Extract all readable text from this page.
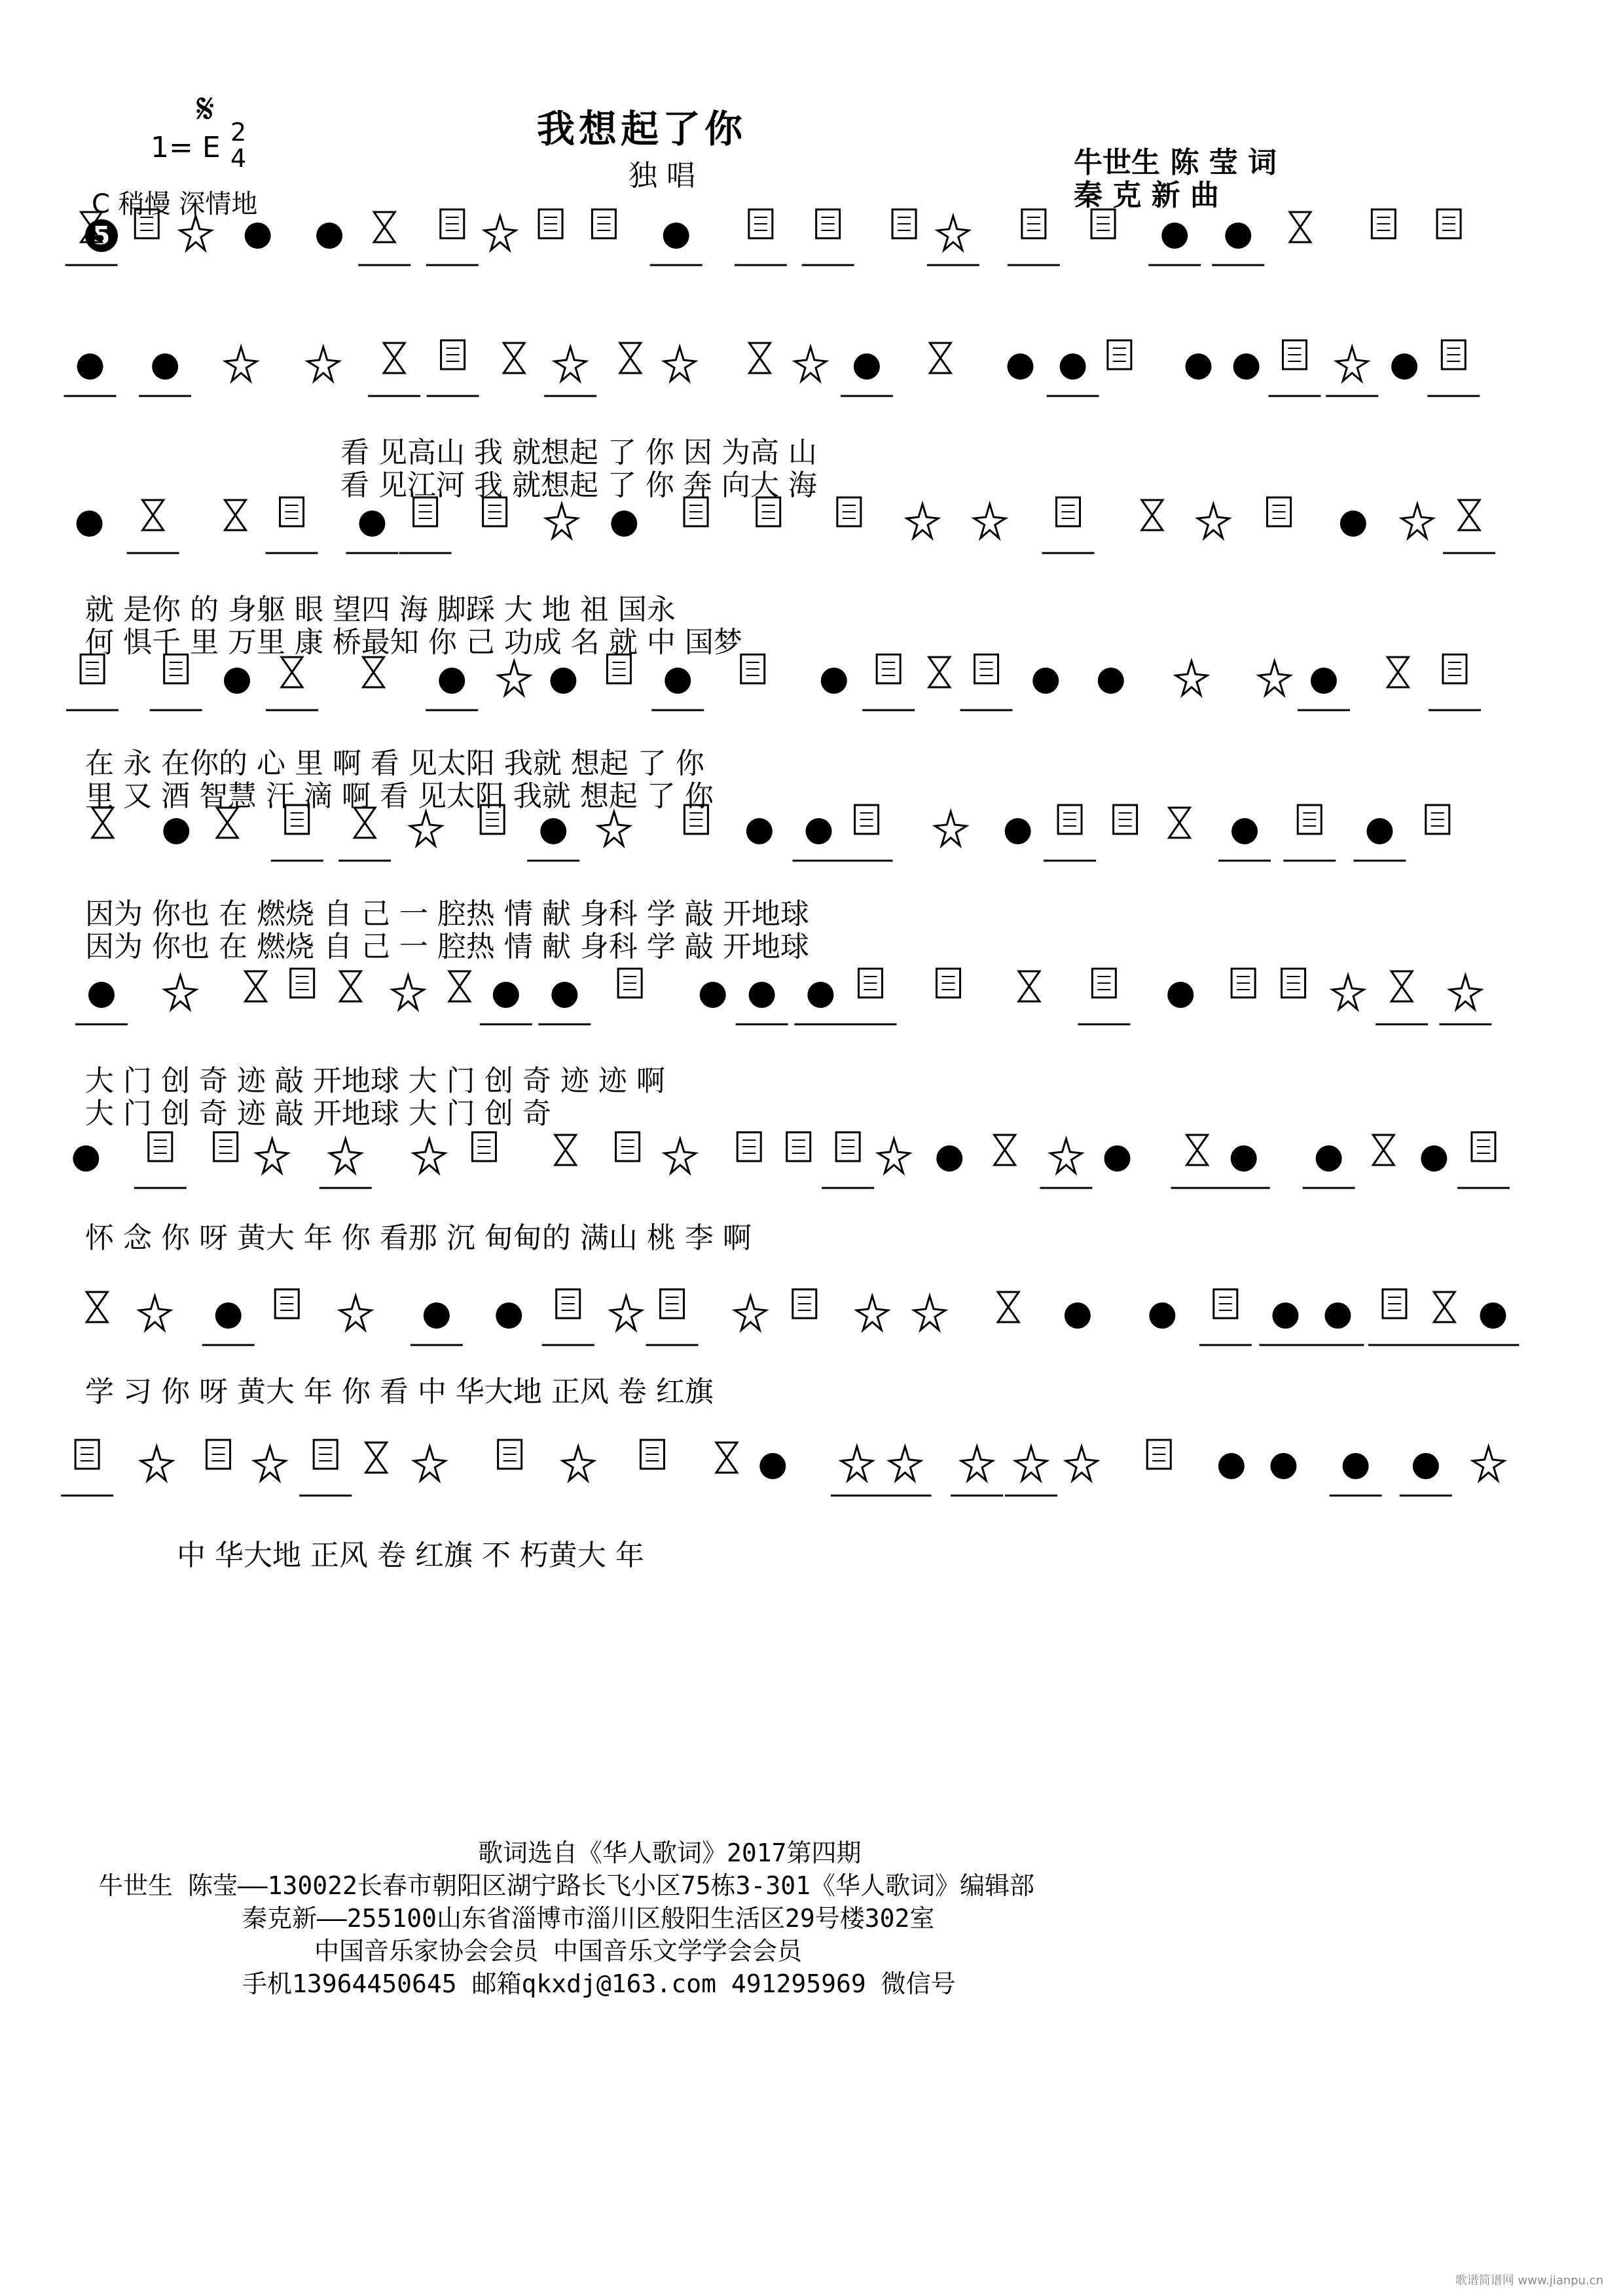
𝄋	我想起了你
1= E 2
4
独 唱	牛世生 陈 莹 词
秦 克 新 曲
C 稍慢 深情地
5
看 见高山 我 就想起 了 你 因 为高 山
看 见江河 我 就想起 了 你 奔 向大 海
就 是你 的 身躯 眼 望四 海 脚踩 大 地 祖 国永
何 惧千 里 万里 康 桥最知 你 己 功成 名 就 中 国梦
在 永 在你的 心 里 啊 看 见太阳 我就 想起 了 你
里 又 酒 智慧 汗 滴 啊 看 见太阳 我就 想起 了 你
因为 你也 在 燃烧 自 己 一 腔热 情 献 身科 学 敲 开地球
因为 你也 在 燃烧 自 己 一 腔热 情 献 身科 学 敲 开地球
大 门 创 奇 迹 敲 开地球 大 门 创 奇 迹 迹 啊
大 门 创 奇 迹 敲 开地球 大 门 创 奇
怀 念 你 呀 黄大 年 你 看那 沉 甸甸的 满山 桃 李 啊
学 习 你 呀 黄大 年 你 看 中 华大地 正风 卷 红旗
中 华大地 正风 卷 红旗 不 朽黄大 年
歌词选自《华人歌词》2017第四期
牛世生 陈莹——130022长春市朝阳区湖宁路长飞小区75栋3-301《华人歌词》编辑部
秦克新——255100山东省淄博市淄川区般阳生活区29号楼302室
中国音乐家协会会员 中国音乐文学学会会员
手机13964450645 邮箱qkxdj@163.com 491295969 微信号
歌谱简谱网 www.jianpu.cn
